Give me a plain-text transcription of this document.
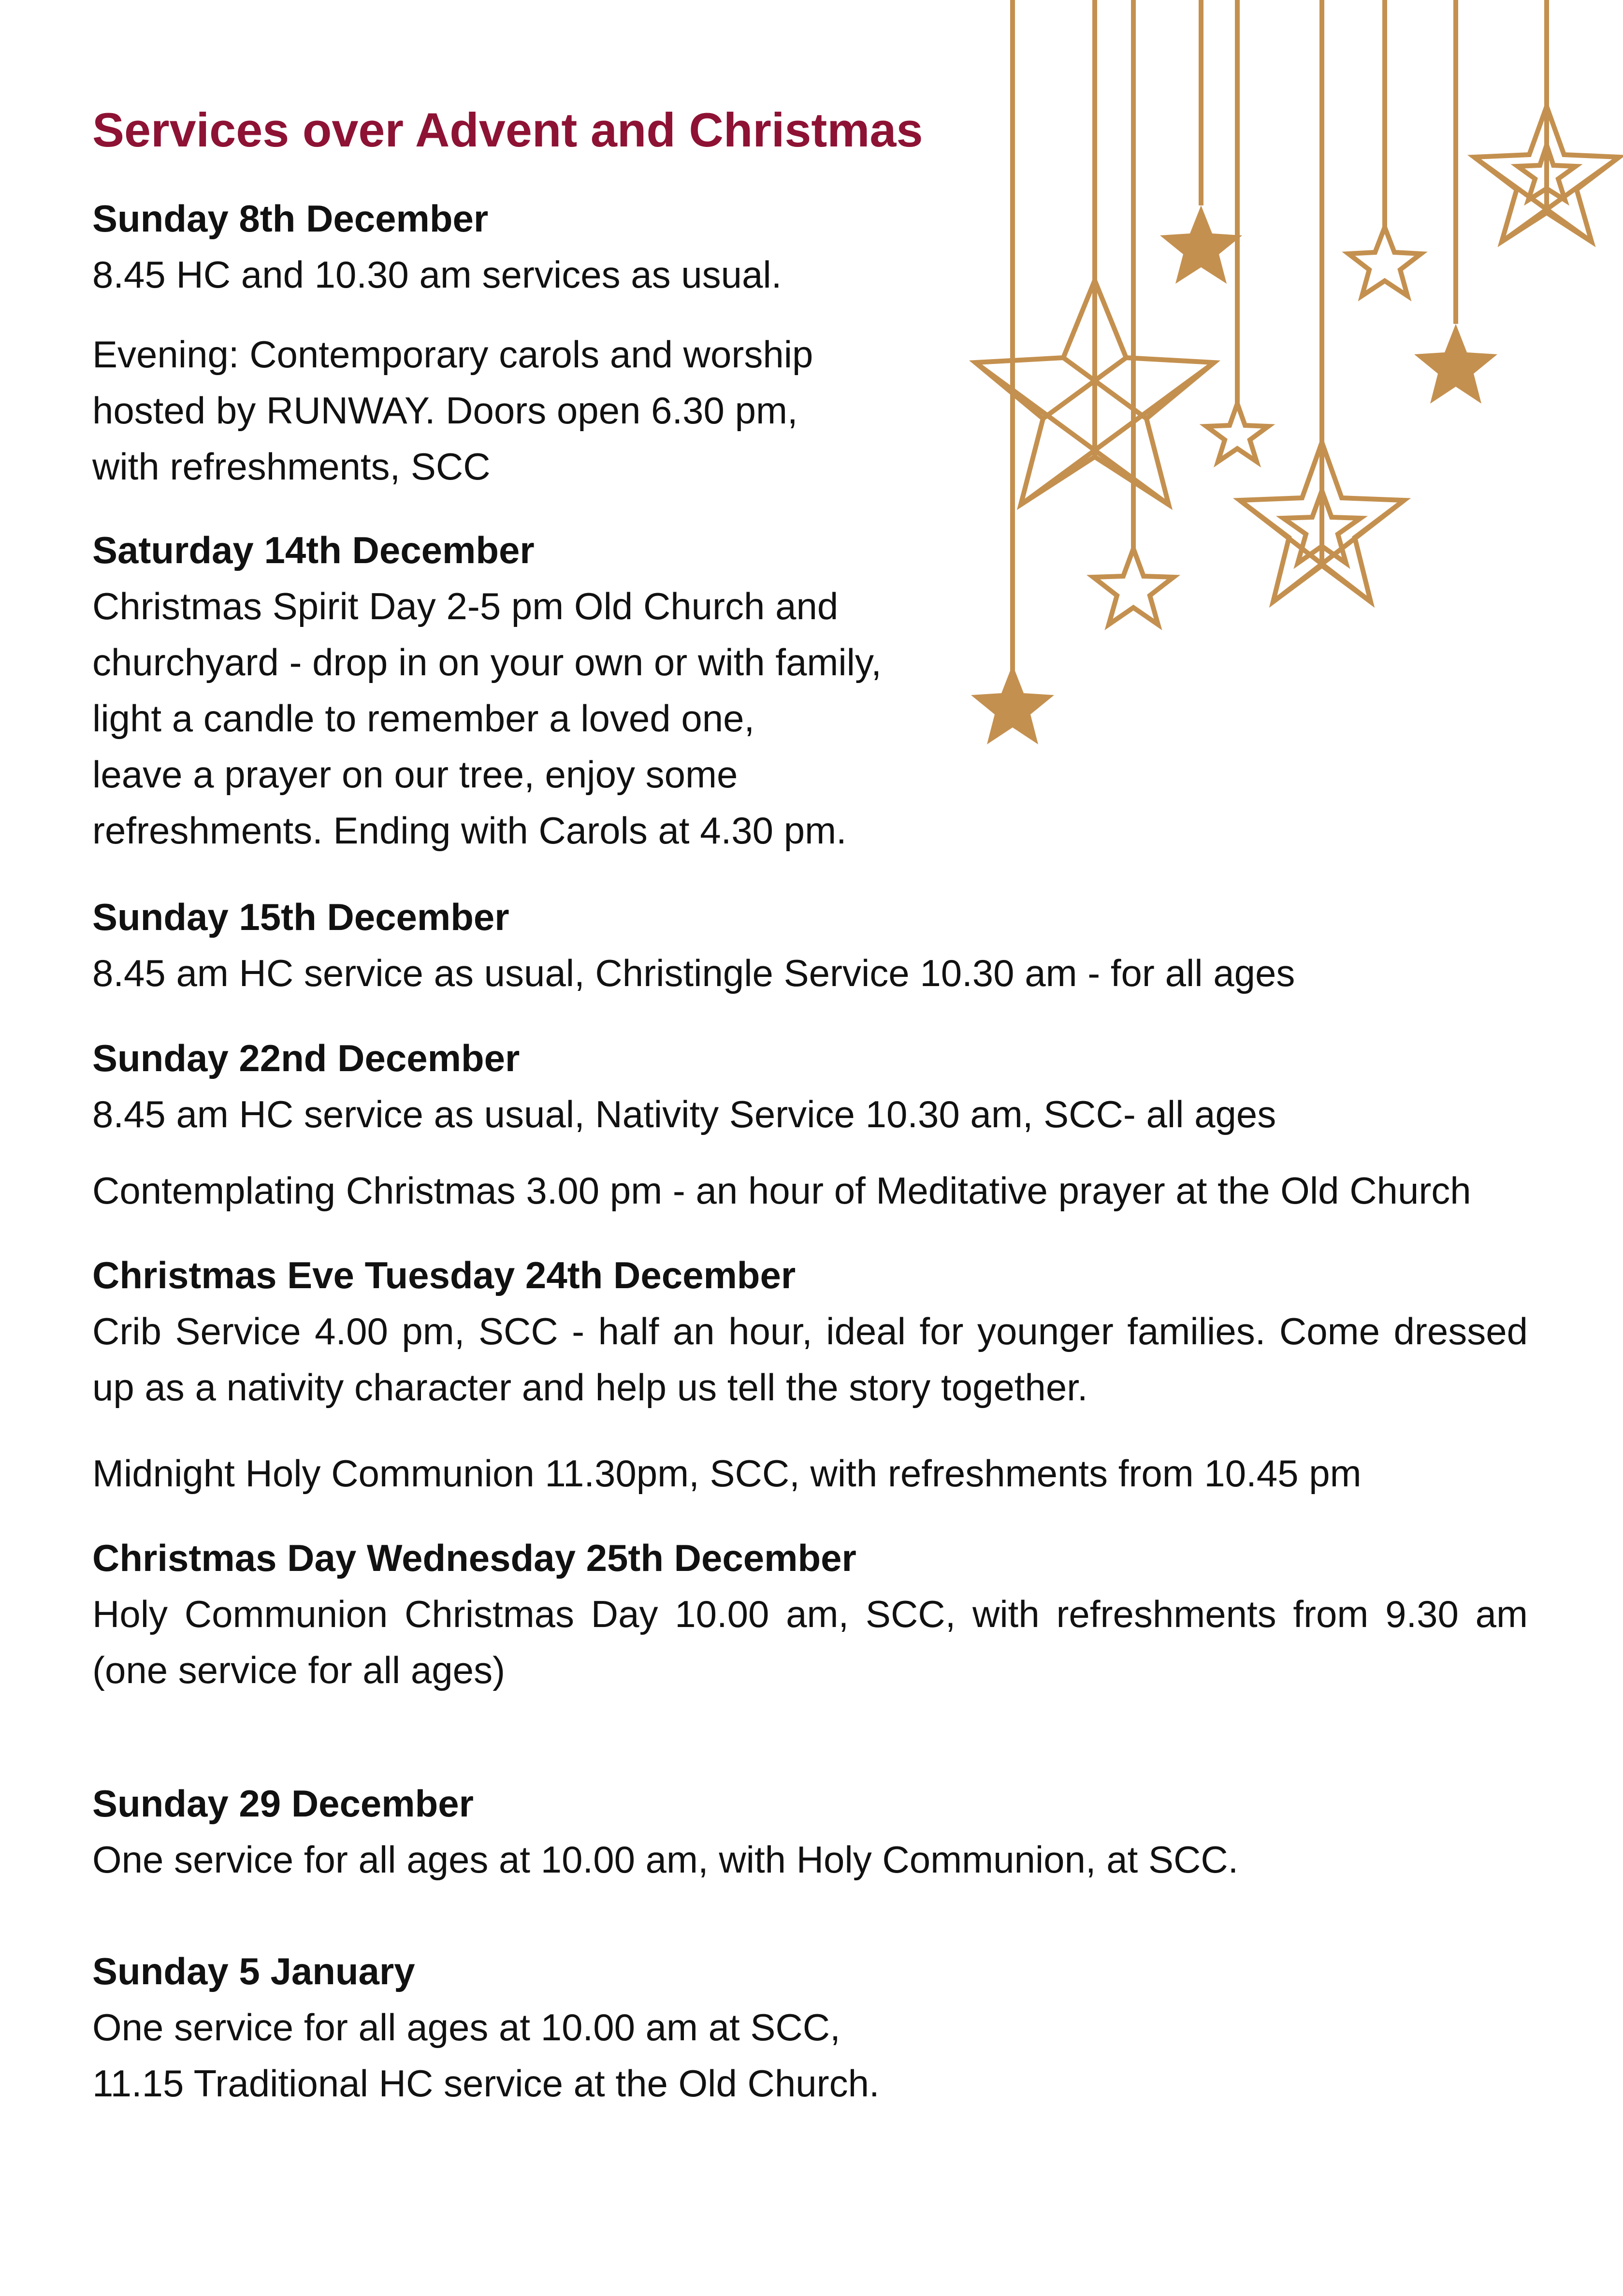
Services over Advent and Christmas
Sunday 8th December

8.45 HC and 10.30 am services as usual.

Evening: Contemporary carols and worship
hosted by RUNWAY. Doors open 6.30 pm,
with refreshments, SCC

Saturday 14th December

Christmas Spirit Day 2-5 pm Old Church and
churchyard - drop in on your own or with family,
light a candle to remember a loved one,
leave a prayer on our tree, enjoy some
refreshments. Ending with Carols at 4.30 pm.

Sunday 15th December

8.45 am HC service as usual, Christingle Service 10.30 am - for all ages

Sunday 22nd December

8.45 am HC service as usual, Nativity Service 10.30 am, SCC- all ages

Contemplating Christmas 3.00 pm - an hour of Meditative prayer at the Old Church

Christmas Eve Tuesday 24th December

Crib Service 4.00 pm, SCC - half an hour, ideal for younger families. Come dressed up as a nativity character and help us tell the story together.

Midnight Holy Communion 11.30pm, SCC, with refreshments from 10.45 pm

Christmas Day Wednesday 25th December

Holy Communion Christmas Day 10.00 am, SCC, with refreshments from 9.30 am (one service for all ages)

Sunday 29 December

One service for all ages at 10.00 am, with Holy Communion, at SCC.

Sunday 5 January

One service for all ages at 10.00 am at SCC,
11.15 Traditional HC service at the Old Church.
